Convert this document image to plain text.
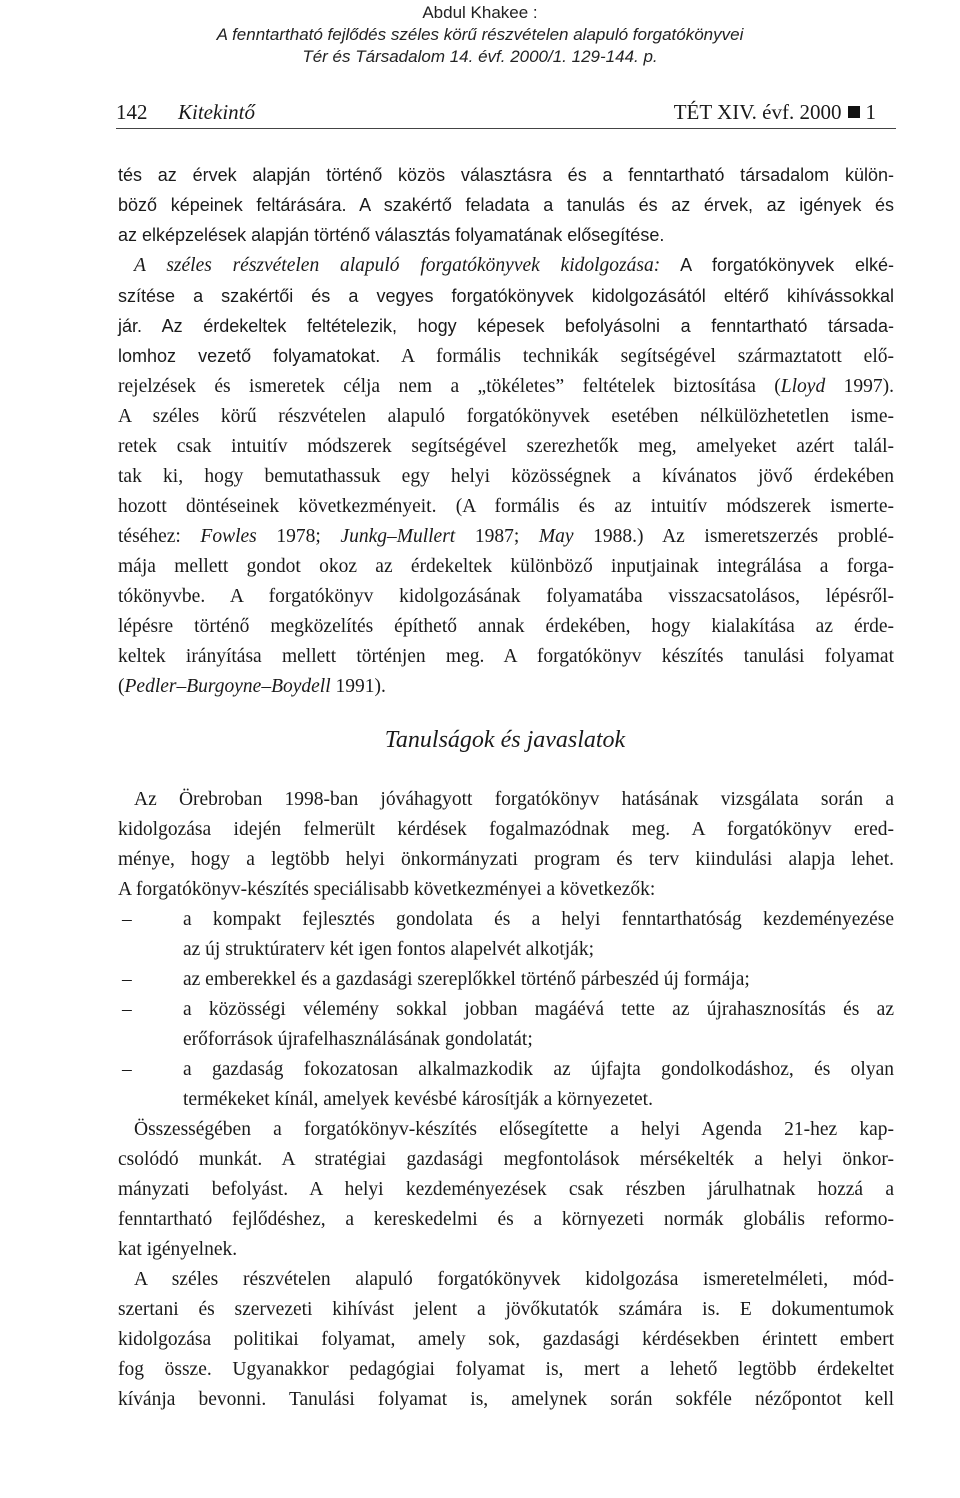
Abdul Khakee :
A fenntartható fejlődés széles körű részvételen alapuló forgatókönyvei
Tér és Társadalom 14. évf. 2000/1. 129-144. p.
142 Kitekintő	TÉT XIV. évf. 2000 1
tés az érvek alapján történő közös választásra és a fenntartható társadalom külön-
böző képeinek feltárására. A szakértő feladata a tanulás és az érvek, az igények és
az elképzelések alapján történő választás folyamatának elősegítése.
A széles részvételen alapuló forgatókönyvek kidolgozása: A forgatókönyvek elké-
szítése a szakértői és a vegyes forgatókönyvek kidolgozásától eltérő kihívássokkal
jár. Az érdekeltek feltételezik, hogy képesek befolyásolni a fenntartható társada-
lomhoz vezető folyamatokat. A formális technikák segítségével származtatott elő-
rejelzések és ismeretek célja nem a „tökéletes” feltételek biztosítása (Lloyd 1997).
A széles körű részvételen alapuló forgatókönyvek esetében nélkülözhetetlen isme-
retek csak intuitív módszerek segítségével szerezhetők meg, amelyeket azért talál-
tak ki, hogy bemutathassuk egy helyi közösségnek a kívánatos jövő érdekében
hozott döntéseinek következményeit. (A formális és az intuitív módszerek ismerte-
téséhez: Fowles 1978; Junkg–Mullert 1987; May 1988.) Az ismeretszerzés problé-
mája mellett gondot okoz az érdekeltek különböző inputjainak integrálása a forga-
tókönyvbe. A forgatókönyv kidolgozásának folyamatába visszacsatolásos, lépésről-
lépésre történő megközelítés építhető annak érdekében, hogy kialakítása az érde-
keltek irányítása mellett történjen meg. A forgatókönyv készítés tanulási folyamat
(Pedler–Burgoyne–Boydell 1991).
Tanulságok és javaslatok
Az Örebroban 1998-ban jóváhagyott forgatókönyv hatásának vizsgálata során a
kidolgozása idején felmerült kérdések fogalmazódnak meg. A forgatókönyv ered-
ménye, hogy a legtöbb helyi önkormányzati program és terv kiindulási alapja lehet.
A forgatókönyv-készítés speciálisabb következményei a következők:
–	a kompakt fejlesztés gondolata és a helyi fenntarthatóság kezdeményezése
az új struktúraterv két igen fontos alapelvét alkotják;
–	az emberekkel és a gazdasági szereplőkkel történő párbeszéd új formája;
–	a közösségi vélemény sokkal jobban magáévá tette az újrahasznosítás és az
erőforrások újrafelhasználásának gondolatát;
–	a gazdaság fokozatosan alkalmazkodik az újfajta gondolkodáshoz, és olyan
termékeket kínál, amelyek kevésbé károsítják a környezetet.
Összességében a forgatókönyv-készítés elősegítette a helyi Agenda 21-hez kap-
csolódó munkát. A stratégiai gazdasági megfontolások mérsékelték a helyi önkor-
mányzati befolyást. A helyi kezdeményezések csak részben járulhatnak hozzá a
fenntartható fejlődéshez, a kereskedelmi és a környezeti normák globális reformo-
kat igényelnek.
A széles részvételen alapuló forgatókönyvek kidolgozása ismeretelméleti, mód-
szertani és szervezeti kihívást jelent a jövőkutatók számára is. E dokumentumok
kidolgozása politikai folyamat, amely sok, gazdasági kérdésekben érintett embert
fog össze. Ugyanakkor pedagógiai folyamat is, mert a lehető legtöbb érdekeltet
kívánja bevonni. Tanulási folyamat is, amelynek során sokféle nézőpontot kell
